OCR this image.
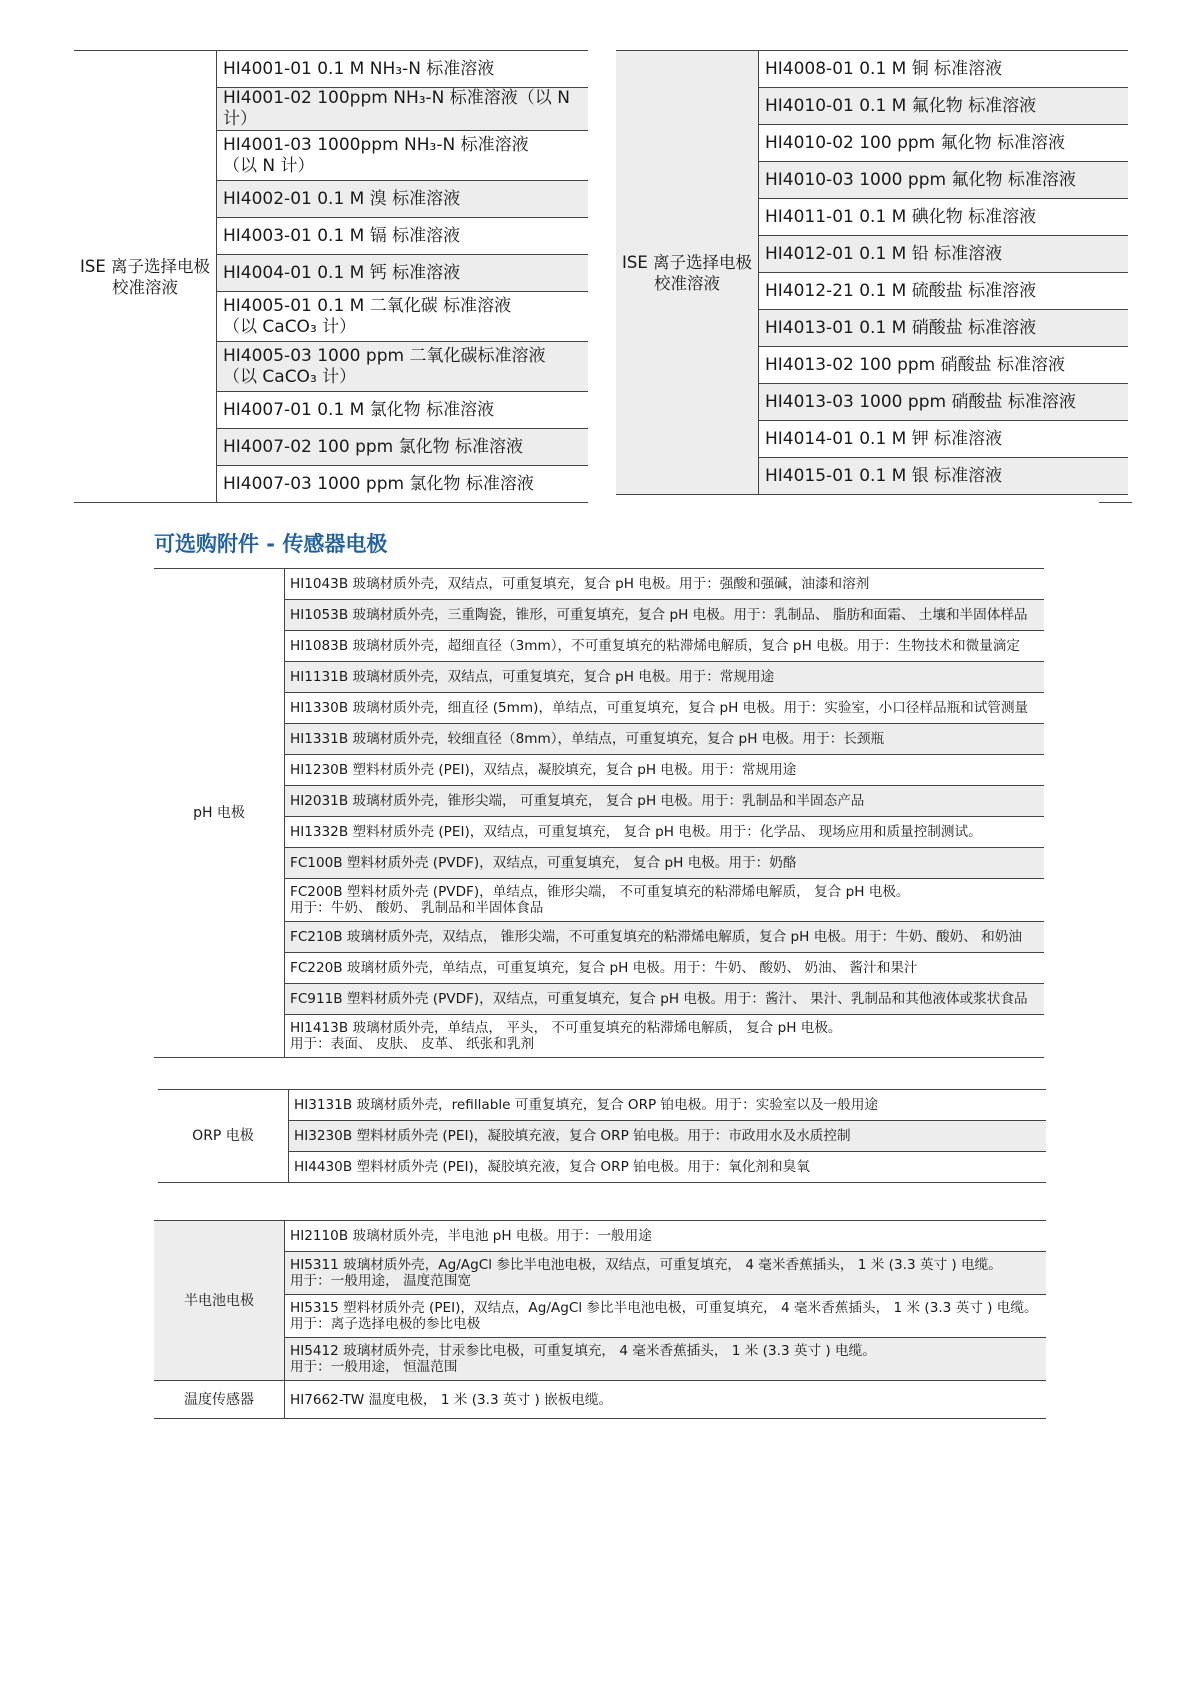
ISE 离子选择电极
校准溶液	HI4001-01 0.1 M NH₃-N 标准溶液
HI4001-02 100ppm NH₃-N 标准溶液（以 N 计）
HI4001-03 1000ppm NH₃-N 标准溶液
（以 N 计）
HI4002-01 0.1 M 溴 标准溶液
HI4003-01 0.1 M 镉 标准溶液
HI4004-01 0.1 M 钙 标准溶液
HI4005-01 0.1 M 二氧化碳 标准溶液
（以 CaCO₃ 计）
HI4005-03 1000 ppm 二氧化碳标准溶液
（以 CaCO₃ 计）
HI4007-01 0.1 M 氯化物 标准溶液
HI4007-02 100 ppm 氯化物 标准溶液
HI4007-03 1000 ppm 氯化物 标准溶液
ISE 离子选择电极
校准溶液	HI4008-01 0.1 M 铜 标准溶液
HI4010-01 0.1 M 氟化物 标准溶液
HI4010-02 100 ppm 氟化物 标准溶液
HI4010-03 1000 ppm 氟化物 标准溶液
HI4011-01 0.1 M 碘化物 标准溶液
HI4012-01 0.1 M 铅 标准溶液
HI4012-21 0.1 M 硫酸盐 标准溶液
HI4013-01 0.1 M 硝酸盐 标准溶液
HI4013-02 100 ppm 硝酸盐 标准溶液
HI4013-03 1000 ppm 硝酸盐 标准溶液
HI4014-01 0.1 M 钾 标准溶液
HI4015-01 0.1 M 银 标准溶液
可选购附件 - 传感器电极
pH 电极	HI1043B 玻璃材质外壳，双结点，可重复填充，复合 pH 电极。用于：强酸和强碱，油漆和溶剂
HI1053B 玻璃材质外壳，三重陶瓷，锥形，可重复填充，复合 pH 电极。用于：乳制品、 脂肪和面霜、 土壤和半固体样品
HI1083B 玻璃材质外壳，超细直径（3mm），不可重复填充的粘滞烯电解质，复合 pH 电极。用于：生物技术和微量滴定
HI1131B 玻璃材质外壳，双结点，可重复填充，复合 pH 电极。用于：常规用途
HI1330B 玻璃材质外壳，细直径 (5mm)，单结点，可重复填充，复合 pH 电极。用于：实验室，小口径样品瓶和试管测量
HI1331B 玻璃材质外壳，较细直径（8mm），单结点，可重复填充，复合 pH 电极。用于：长颈瓶
HI1230B 塑料材质外壳 (PEI)，双结点，凝胶填充，复合 pH 电极。用于：常规用途
HI2031B 玻璃材质外壳，锥形尖端， 可重复填充， 复合 pH 电极。用于：乳制品和半固态产品
HI1332B 塑料材质外壳 (PEI)，双结点，可重复填充， 复合 pH 电极。用于：化学品、 现场应用和质量控制测试。
FC100B 塑料材质外壳 (PVDF)，双结点，可重复填充， 复合 pH 电极。用于：奶酪
FC200B 塑料材质外壳 (PVDF)，单结点，锥形尖端， 不可重复填充的粘滞烯电解质， 复合 pH 电极。
用于：牛奶、 酸奶、 乳制品和半固体食品
FC210B 玻璃材质外壳，双结点， 锥形尖端，不可重复填充的粘滞烯电解质，复合 pH 电极。用于：牛奶、酸奶、 和奶油
FC220B 玻璃材质外壳，单结点，可重复填充，复合 pH 电极。用于：牛奶、 酸奶、 奶油、 酱汁和果汁
FC911B 塑料材质外壳 (PVDF)，双结点，可重复填充，复合 pH 电极。用于：酱汁、 果汁、乳制品和其他液体或浆状食品
HI1413B 玻璃材质外壳，单结点， 平头， 不可重复填充的粘滞烯电解质， 复合 pH 电极。
用于：表面、 皮肤、 皮革、 纸张和乳剂
ORP 电极	HI3131B 玻璃材质外壳，refillable 可重复填充，复合 ORP 铂电极。用于：实验室以及一般用途
HI3230B 塑料材质外壳 (PEI)，凝胶填充液，复合 ORP 铂电极。用于：市政用水及水质控制
HI4430B 塑料材质外壳 (PEI)，凝胶填充液，复合 ORP 铂电极。用于：氧化剂和臭氧
半电池电极	HI2110B 玻璃材质外壳，半电池 pH 电极。用于：一般用途
	HI5311 玻璃材质外壳，Ag/AgCl 参比半电池电极，双结点，可重复填充， 4 毫米香蕉插头， 1 米 (3.3 英寸 ) 电缆。
用于：一般用途， 温度范围宽
	HI5315 塑料材质外壳 (PEI)，双结点，Ag/AgCl 参比半电池电极，可重复填充， 4 毫米香蕉插头， 1 米 (3.3 英寸 ) 电缆。
用于：离子选择电极的参比电极
	HI5412 玻璃材质外壳，甘汞参比电极，可重复填充， 4 毫米香蕉插头， 1 米 (3.3 英寸 ) 电缆。
用于：一般用途， 恒温范围
温度传感器	HI7662-TW 温度电极， 1 米 (3.3 英寸 ) 嵌板电缆。
